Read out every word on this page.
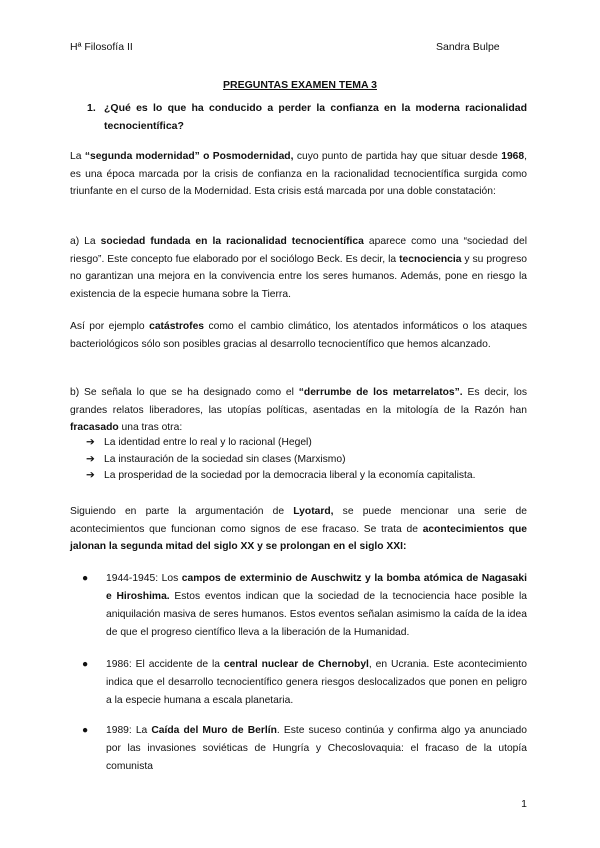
Hª Filosofía II	Sandra Bulpe
PREGUNTAS EXAMEN TEMA 3
1. ¿Qué es lo que ha conducido a perder la confianza en la moderna racionalidad tecnocientífica?
La “segunda modernidad” o Posmodernidad, cuyo punto de partida hay que situar desde 1968, es una época marcada por la crisis de confianza en la racionalidad tecnocientífica surgida como triunfante en el curso de la Modernidad. Esta crisis está marcada por una doble constatación:
a) La sociedad fundada en la racionalidad tecnocientífica aparece como una “sociedad del riesgo”. Este concepto fue elaborado por el sociólogo Beck. Es decir, la tecnociencia y su progreso no garantizan una mejora en la convivencia entre los seres humanos. Además, pone en riesgo la existencia de la especie humana sobre la Tierra.
Así por ejemplo catástrofes como el cambio climático, los atentados informáticos o los ataques bacteriológicos sólo son posibles gracias al desarrollo tecnocientífico que hemos alcanzado.
b) Se señala lo que se ha designado como el “derrumbe de los metarrelatos”. Es decir, los grandes relatos liberadores, las utopías políticas, asentadas en la mitología de la Razón han fracasado una tras otra:
➔ La identidad entre lo real y lo racional (Hegel)
➔ La instauración de la sociedad sin clases (Marxismo)
➔ La prosperidad de la sociedad por la democracia liberal y la economía capitalista.
Siguiendo en parte la argumentación de Lyotard, se puede mencionar una serie de acontecimientos que funcionan como signos de ese fracaso. Se trata de acontecimientos que jalonan la segunda mitad del siglo XX y se prolongan en el siglo XXI:
● 1944-1945: Los campos de exterminio de Auschwitz y la bomba atómica de Nagasaki e Hiroshima. Estos eventos indican que la sociedad de la tecnociencia hace posible la aniquilación masiva de seres humanos. Estos eventos señalan asimismo la caída de la idea de que el progreso científico lleva a la liberación de la Humanidad.
● 1986: El accidente de la central nuclear de Chernobyl, en Ucrania. Este acontecimiento indica que el desarrollo tecnocientífico genera riesgos deslocalizados que ponen en peligro a la especie humana a escala planetaria.
● 1989: La Caída del Muro de Berlín. Este suceso continúa y confirma algo ya anunciado por las invasiones soviéticas de Hungría y Checoslovaquia: el fracaso de la utopía comunista
1
